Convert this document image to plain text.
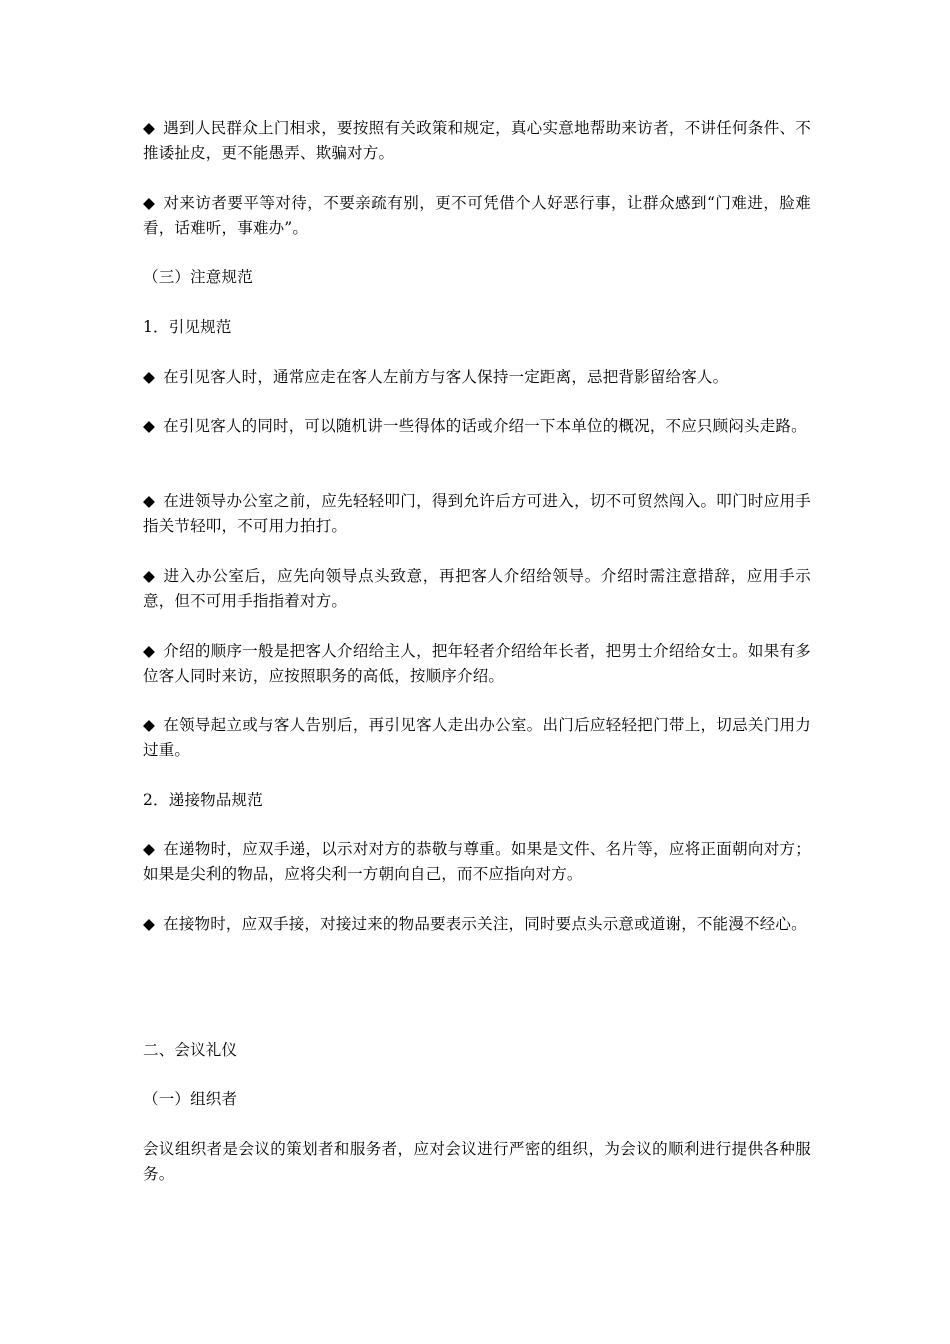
◆ 遇到人民群众上门相求，要按照有关政策和规定，真心实意地帮助来访者，不讲任何条件、不推诿扯皮，更不能愚弄、欺骗对方。

◆ 对来访者要平等对待，不要亲疏有别，更不可凭借个人好恶行事，让群众感到“门难进，脸难看，话难听，事难办”。

（三）注意规范

1．引见规范

◆ 在引见客人时，通常应走在客人左前方与客人保持一定距离，忌把背影留给客人。

◆ 在引见客人的同时，可以随机讲一些得体的话或介绍一下本单位的概况，不应只顾闷头走路。

◆ 在进领导办公室之前，应先轻轻叩门，得到允许后方可进入，切不可贸然闯入。叩门时应用手指关节轻叩，不可用力拍打。

◆ 进入办公室后，应先向领导点头致意，再把客人介绍给领导。介绍时需注意措辞，应用手示意，但不可用手指指着对方。

◆ 介绍的顺序一般是把客人介绍给主人，把年轻者介绍给年长者，把男士介绍给女士。如果有多位客人同时来访，应按照职务的高低，按顺序介绍。

◆ 在领导起立或与客人告别后，再引见客人走出办公室。出门后应轻轻把门带上，切忌关门用力过重。

2．递接物品规范

◆ 在递物时，应双手递，以示对对方的恭敬与尊重。如果是文件、名片等，应将正面朝向对方；如果是尖利的物品，应将尖利一方朝向自己，而不应指向对方。

◆ 在接物时，应双手接，对接过来的物品要表示关注，同时要点头示意或道谢，不能漫不经心。

二、会议礼仪

（一）组织者

会议组织者是会议的策划者和服务者，应对会议进行严密的组织，为会议的顺利进行提供各种服务。
